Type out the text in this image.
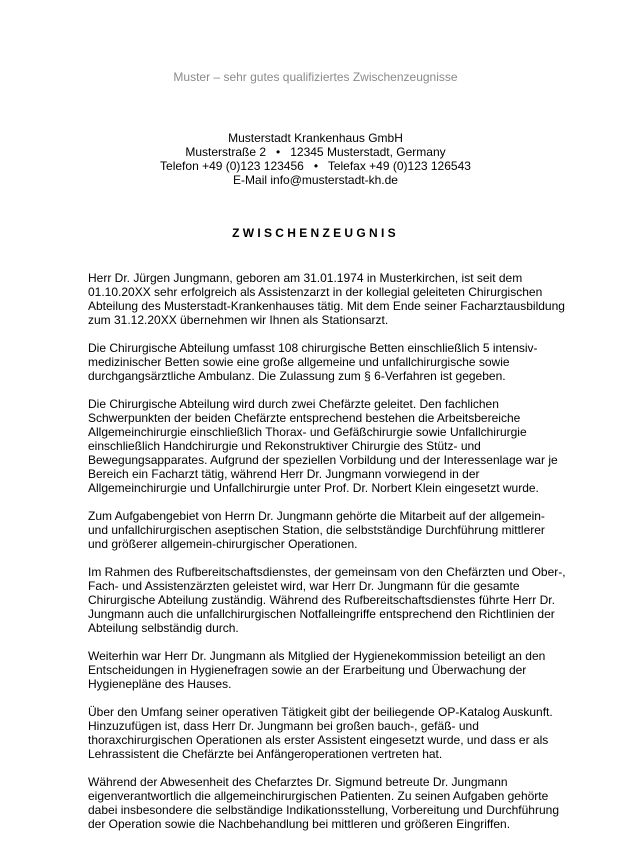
Muster – sehr gutes qualifiziertes Zwischenzeugnisse
Musterstadt Krankenhaus GmbH
Musterstraße 2   •   12345 Musterstadt, Germany
Telefon +49 (0)123 123456   •   Telefax +49 (0)123 126543
E-Mail info@musterstadt-kh.de
ZWISCHENZEUGNIS

Herr Dr. Jürgen Jungmann, geboren am 31.01.1974 in Musterkirchen, ist seit dem 01.10.20XX sehr erfolgreich als Assistenzarzt in der kollegial geleiteten Chirurgischen Abteilung des Musterstadt-Krankenhauses tätig. Mit dem Ende seiner Facharztausbildung zum 31.12.20XX übernehmen wir Ihnen als Stationsarzt.

Die Chirurgische Abteilung umfasst 108 chirurgische Betten einschließlich 5 intensiv-medizinischer Betten sowie eine große allgemeine und unfallchirurgische sowie durchgangsärztliche Ambulanz. Die Zulassung zum § 6-Verfahren ist gegeben.

Die Chirurgische Abteilung wird durch zwei Chefärzte geleitet. Den fachlichen Schwerpunkten der beiden Chefärzte entsprechend bestehen die Arbeitsbereiche Allgemeinchirurgie einschließlich Thorax- und Gefäßchirurgie sowie Unfallchirurgie einschließlich Handchirurgie und Rekonstruktiver Chirurgie des Stütz- und Bewegungsapparates. Aufgrund der speziellen Vorbildung und der Interessenlage war je Bereich ein Facharzt tätig, während Herr Dr. Jungmann vorwiegend in der Allgemeinchirurgie und Unfallchirurgie unter Prof. Dr. Norbert Klein eingesetzt wurde.

Zum Aufgabengebiet von Herrn Dr. Jungmann gehörte die Mitarbeit auf der allgemein- und unfallchirurgischen aseptischen Station, die selbstständige Durchführung mittlerer und größerer allgemein-chirurgischer Operationen.

Im Rahmen des Rufbereitschaftsdienstes, der gemeinsam von den Chefärzten und Ober-, Fach- und Assistenzärzten geleistet wird, war Herr Dr. Jungmann für die gesamte Chirurgische Abteilung zuständig. Während des Rufbereitschaftsdienstes führte Herr Dr. Jungmann auch die unfallchirurgischen Notfalleingriffe entsprechend den Richtlinien der Abteilung selbständig durch.

Weiterhin war Herr Dr. Jungmann als Mitglied der Hygienekommission beteiligt an den Entscheidungen in Hygienefragen sowie an der Erarbeitung und Überwachung der Hygienepläne des Hauses.

Über den Umfang seiner operativen Tätigkeit gibt der beiliegende OP-Katalog Auskunft. Hinzuzufügen ist, dass Herr Dr. Jungmann bei großen bauch-, gefäß- und thoraxchirurgischen Operationen als erster Assistent eingesetzt wurde, und dass er als Lehrassistent die Chefärzte bei Anfängeroperationen vertreten hat.

Während der Abwesenheit des Chefarztes Dr. Sigmund betreute Dr. Jungmann eigenverantwortlich die allgemeinchirurgischen Patienten. Zu seinen Aufgaben gehörte dabei insbesondere die selbständige Indikationsstellung, Vorbereitung und Durchführung der Operation sowie die Nachbehandlung bei mittleren und größeren Eingriffen.
